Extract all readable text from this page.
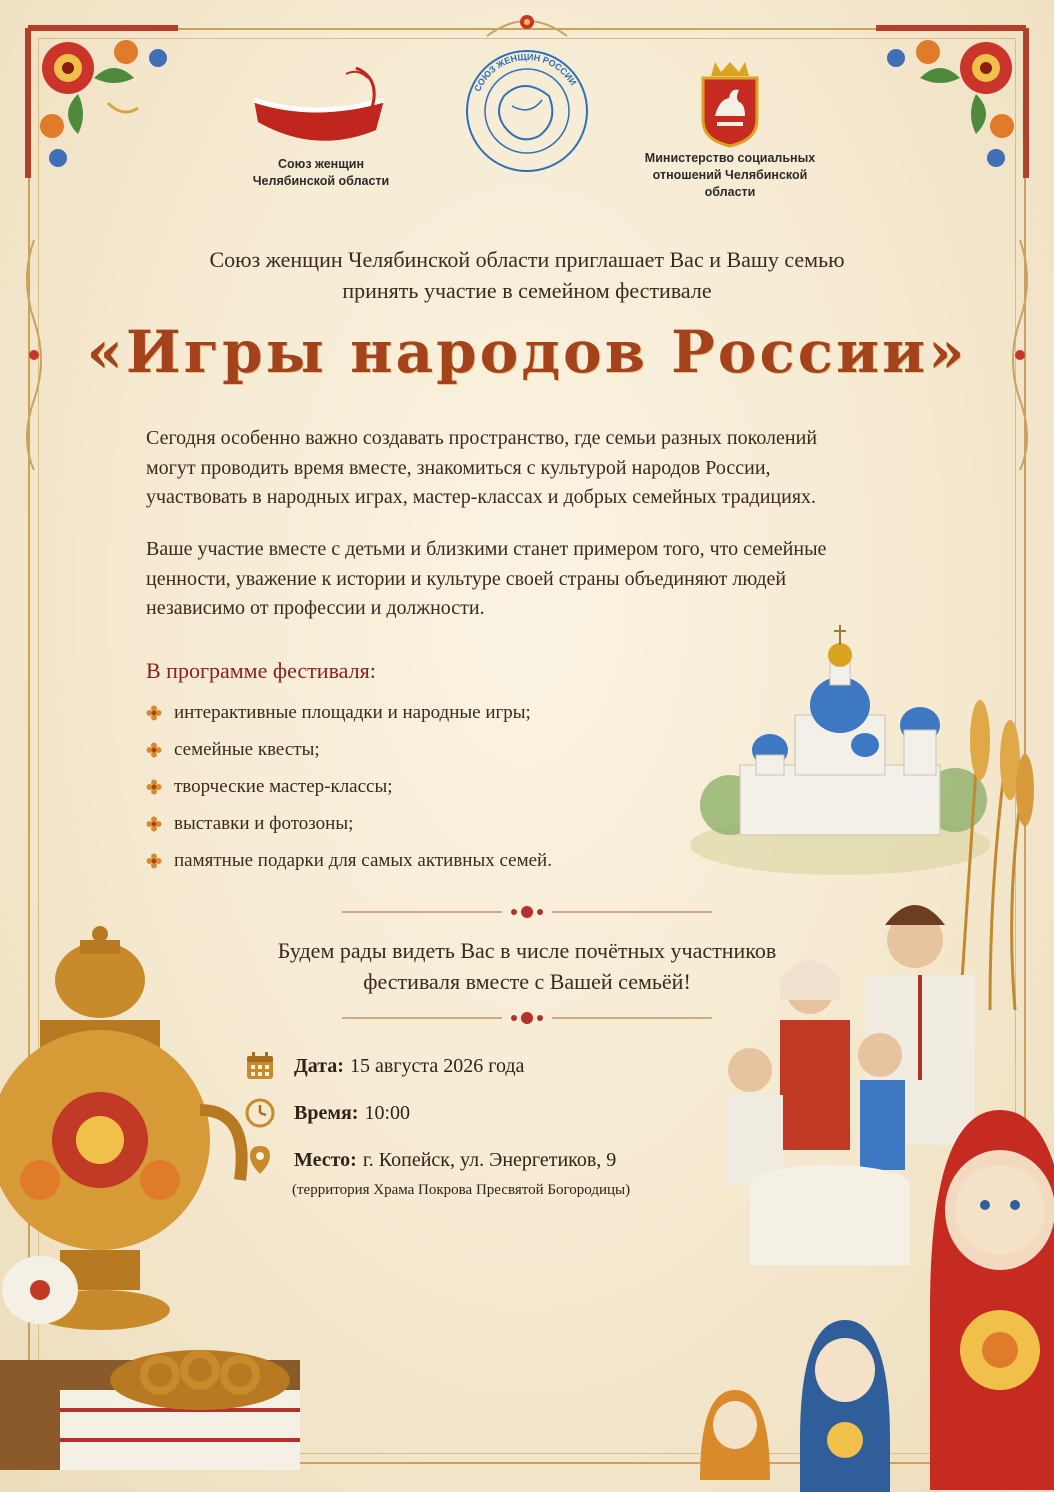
Союз женщин
Челябинской области
СОЮЗ ЖЕНЩИН РОССИИ
Министерство социальных
отношений Челябинской
области
Союз женщин Челябинской области приглашает Вас и Вашу семью
принять участие в семейном фестивале
«Игры народов России»
Сегодня особенно важно создавать пространство, где семьи разных поколений
могут проводить время вместе, знакомиться с культурой народов России,
участвовать в народных играх, мастер-классах и добрых семейных традициях.
Ваше участие вместе с детьми и близкими станет примером того, что семейные
ценности, уважение к истории и культуре своей страны объединяют людей
независимо от профессии и должности.
В программе фестиваля:
интерактивные площадки и народные игры;
семейные квесты;
творческие мастер-классы;
выставки и фотозоны;
памятные подарки для самых активных семей.
Будем рады видеть Вас в числе почётных участников
фестиваля вместе с Вашей семьёй!
Дата: 15 августа 2026 года
Время: 10:00
Место: г. Копейск, ул. Энергетиков, 9
(территория Храма Покрова Пресвятой Богородицы)
